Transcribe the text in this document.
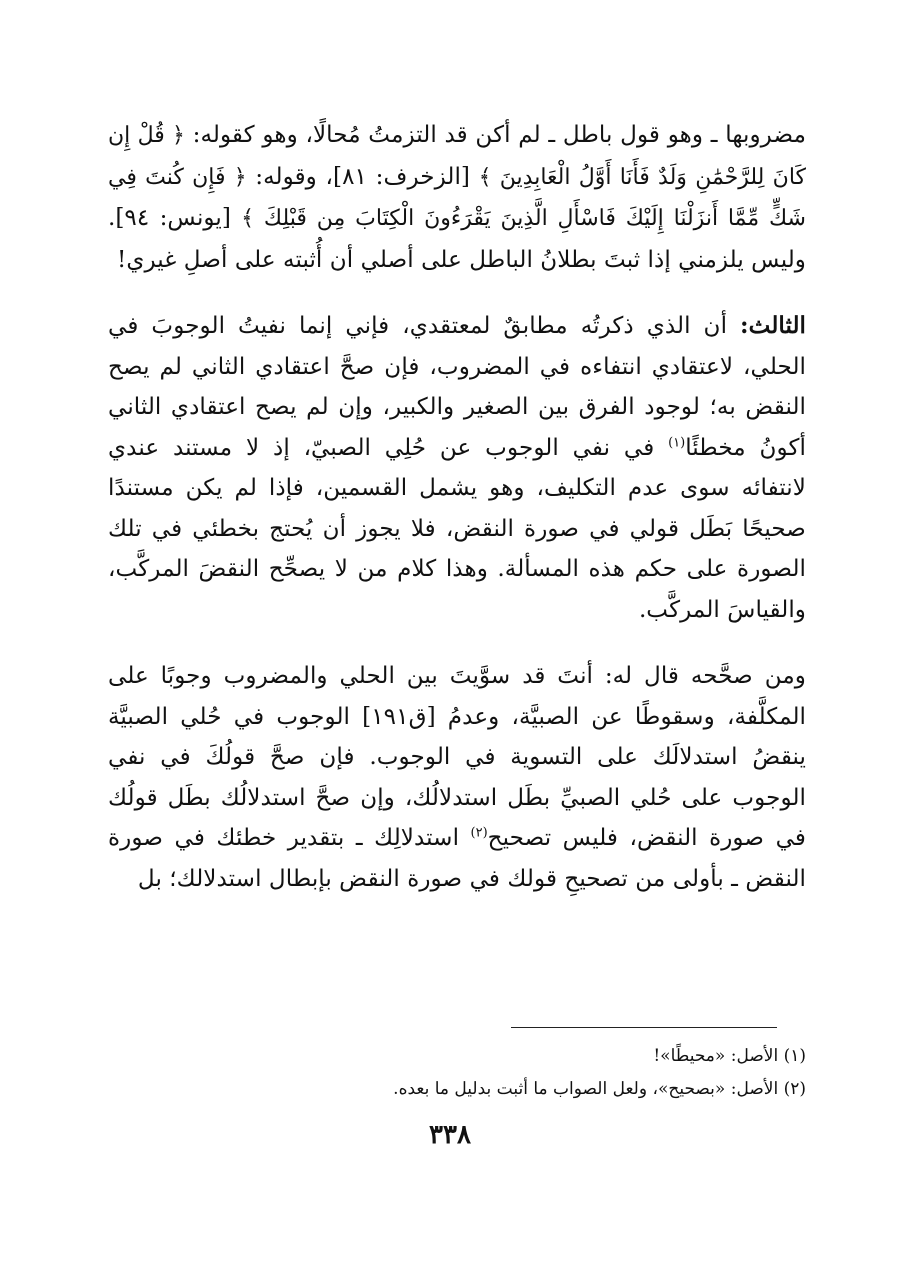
مضروبها ـ وهو قول باطل ـ لم أكن قد التزمتُ مُحالًا، وهو كقوله: ﴿ قُلْ إِن كَانَ لِلرَّحْمَٰنِ وَلَدٌ فَأَنَا أَوَّلُ الْعَابِدِينَ ﴾ [الزخرف: ٨١]، وقوله: ﴿ فَإِن كُنتَ فِي شَكٍّ مِّمَّا أَنزَلْنَا إِلَيْكَ فَاسْأَلِ الَّذِينَ يَقْرَءُونَ الْكِتَابَ مِن قَبْلِكَ ﴾ [يونس: ٩٤]. وليس يلزمني إذا ثبتَ بطلانُ الباطل على أصلي أن أُثبته على أصلِ غيري!

الثالث: أن الذي ذكرتُه مطابقٌ لمعتقدي، فإني إنما نفيتُ الوجوبَ في الحلي، لاعتقادي انتفاءه في المضروب، فإن صحَّ اعتقادي الثاني لم يصح النقض به؛ لوجود الفرق بين الصغير والكبير، وإن لم يصح اعتقادي الثاني أكونُ مخطئًا$^{(١)}$ في نفي الوجوب عن حُلِي الصبيّ، إذ لا مستند عندي لانتفائه سوى عدم التكليف، وهو يشمل القسمين، فإذا لم يكن مستندًا صحيحًا بَطَل قولي في صورة النقض، فلا يجوز أن يُحتج بخطئي في تلك الصورة على حكم هذه المسألة. وهذا كلام من لا يصحِّح النقضَ المركَّب، والقياسَ المركَّب.

ومن صحَّحه قال له: أنتَ قد سوَّيتَ بين الحلي والمضروب وجوبًا على المكلَّفة، وسقوطًا عن الصبيَّة، وعدمُ [ق١٩١] الوجوب في حُلي الصبيَّة ينقضُ استدلالَك على التسوية في الوجوب. فإن صحَّ قولُكَ في نفي الوجوب على حُلي الصبيِّ بطَل استدلالُك، وإن صحَّ استدلالُك بطَل قولُك في صورة النقض، فليس تصحيح$^{(٢)}$ استدلالِك ـ بتقدير خطئك في صورة النقض ـ بأولى من تصحيحِ قولك في صورة النقض بإبطال استدلالك؛ بل

(١) الأصل: «محيطًا»!

(٢) الأصل: «بصحيح»، ولعل الصواب ما أثبت بدليل ما بعده.

٣٣٨
